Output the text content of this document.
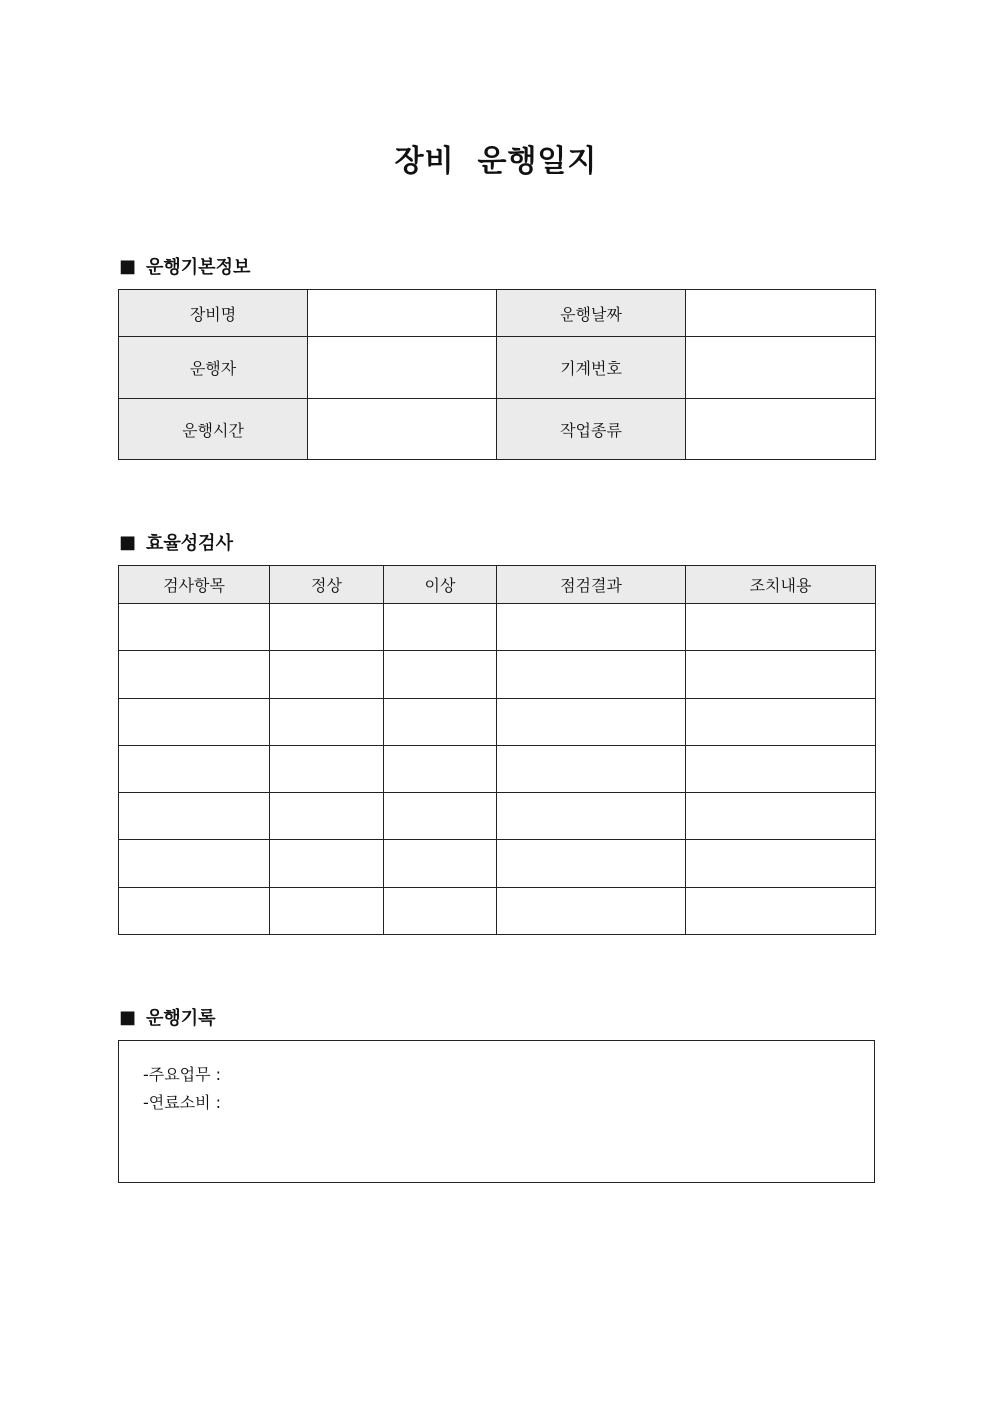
장비  운행일지
■ 운행기본정보
장비명		운행날짜	
운행자		기계번호	
운행시간		작업종류	
■ 효율성검사
검사항목	정상	이상	점검결과	조치내용

■ 운행기록
-주요업무 :
-연료소비 :
